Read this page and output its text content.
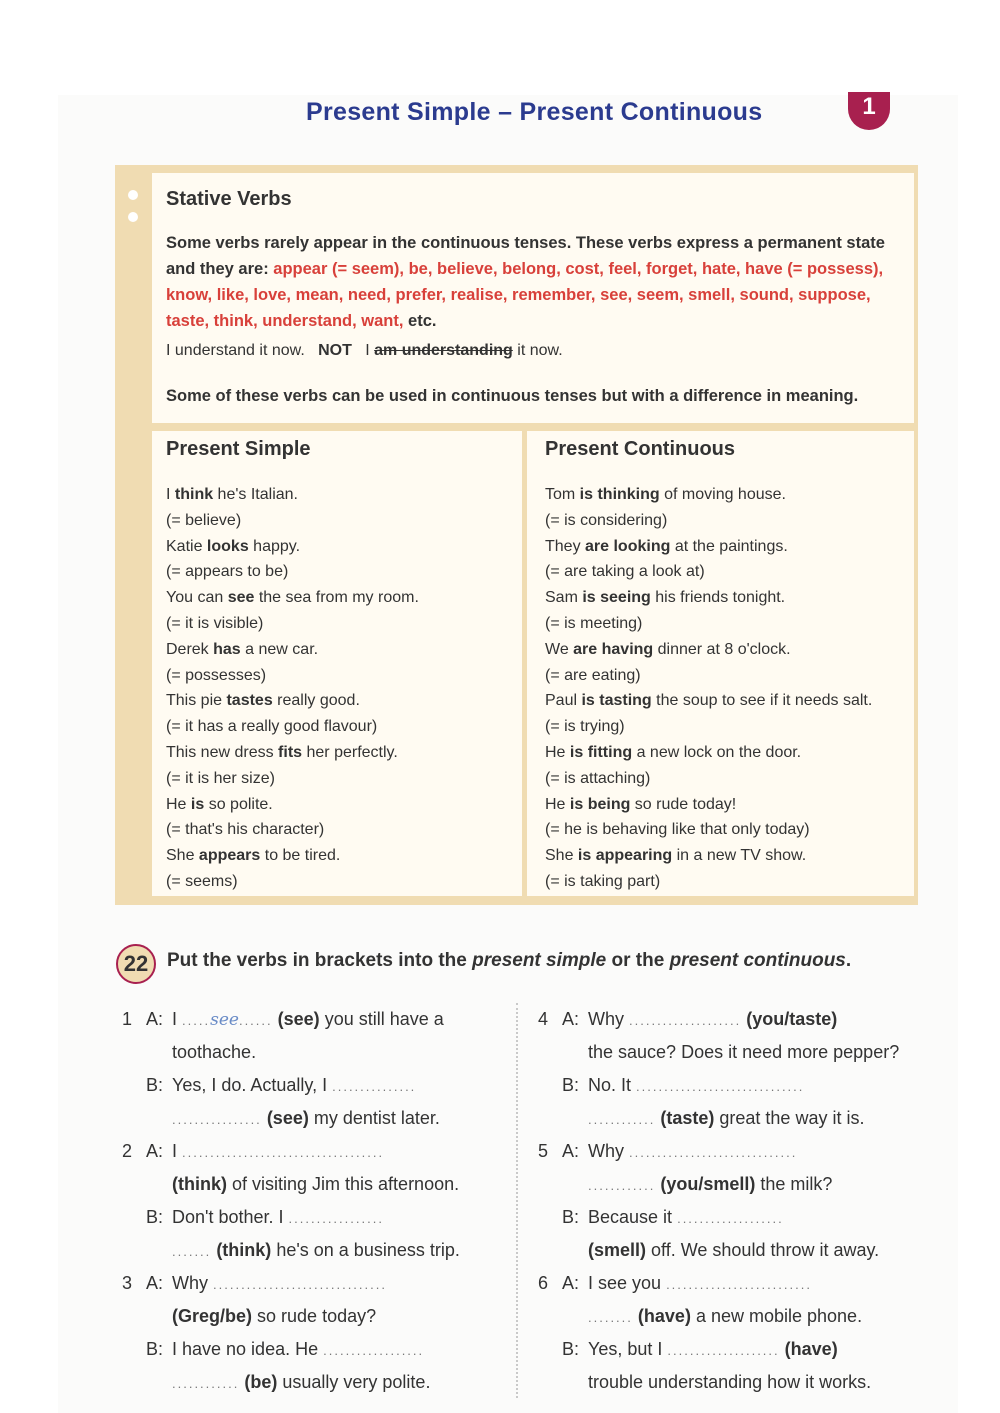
Present Simple – Present Continuous	1
Stative Verbs
Some verbs rarely appear in the continuous tenses. These verbs express a permanent state and they are: appear (= seem), be, believe, belong, cost, feel, forget, hate, have (= possess), know, like, love, mean, need, prefer, realise, remember, see, seem, smell, sound, suppose, taste, think, understand, want, etc.
I understand it now. NOT I am understanding it now.
Some of these verbs can be used in continuous tenses but with a difference in meaning.
Present Simple	Present Continuous
I think he's Italian.
(= believe)
Katie looks happy.
(= appears to be)
You can see the sea from my room.
(= it is visible)
Derek has a new car.
(= possesses)
This pie tastes really good.
(= it has a really good flavour)
This new dress fits her perfectly.
(= it is her size)
He is so polite.
(= that's his character)
She appears to be tired.
(= seems)
Tom is thinking of moving house.
(= is considering)
They are looking at the paintings.
(= are taking a look at)
Sam is seeing his friends tonight.
(= is meeting)
We are having dinner at 8 o'clock.
(= are eating)
Paul is tasting the soup to see if it needs salt.
(= is trying)
He is fitting a new lock on the door.
(= is attaching)
He is being so rude today!
(= he is behaving like that only today)
She is appearing in a new TV show.
(= is taking part)
22 Put the verbs in brackets into the present simple or the present continuous.
1 A: I .....see...... (see) you still have a
toothache.
B: Yes, I do. Actually, I ...............
................ (see) my dentist later.
2 A: I ....................................
(think) of visiting Jim this afternoon.
B: Don't bother. I .................
....... (think) he's on a business trip.
3 A: Why ...............................
(Greg/be) so rude today?
B: I have no idea. He ..................
............ (be) usually very polite.
4 A: Why .................... (you/taste)
the sauce? Does it need more pepper?
B: No. It ..............................
............ (taste) great the way it is.
5 A: Why ..............................
............ (you/smell) the milk?
B: Because it ...................
(smell) off. We should throw it away.
6 A: I see you ..........................
........ (have) a new mobile phone.
B: Yes, but I .................... (have)
trouble understanding how it works.
